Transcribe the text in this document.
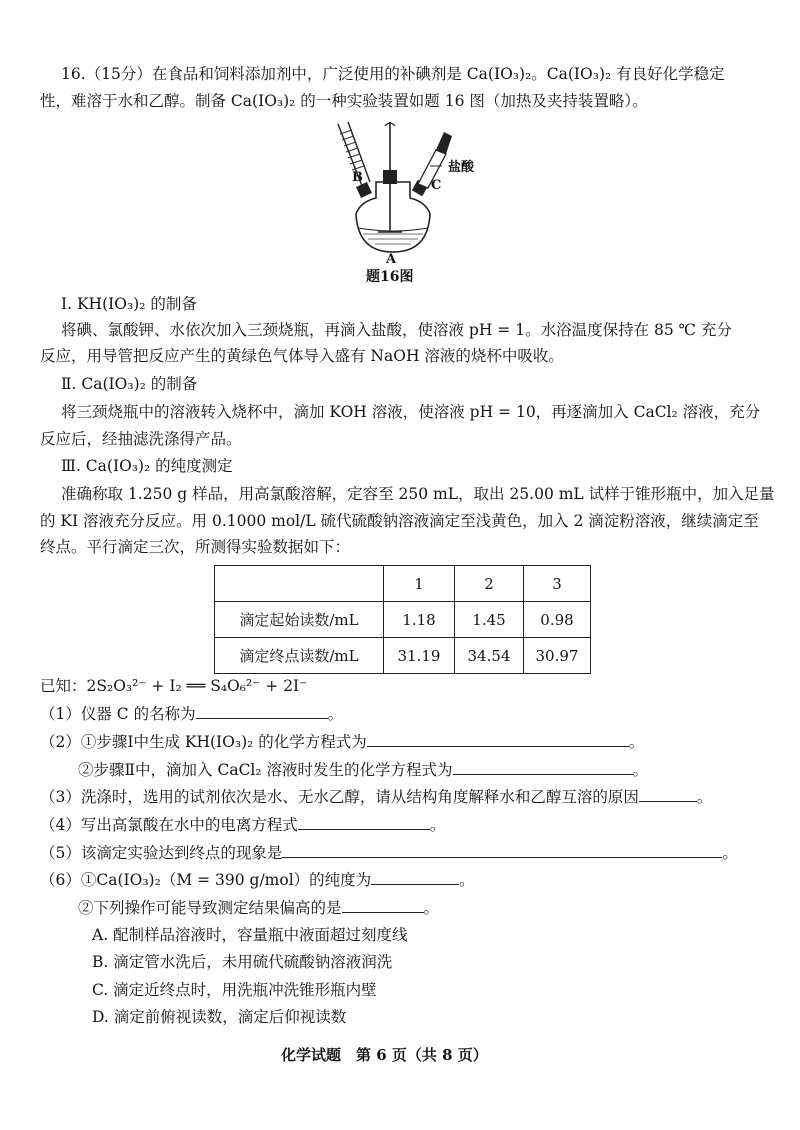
16.（15分）在食品和饲料添加剂中，广泛使用的补碘剂是 Ca(IO₃)₂。Ca(IO₃)₂ 有良好化学稳定
性，难溶于水和乙醇。制备 Ca(IO₃)₂ 的一种实验装置如题 16 图（加热及夹持装置略）。
B
C
盐酸
A
题16图
Ⅰ. KH(IO₃)₂ 的制备
将碘、氯酸钾、水依次加入三颈烧瓶，再滴入盐酸，使溶液 pH = 1。水浴温度保持在 85 ℃ 充分
反应，用导管把反应产生的黄绿色气体导入盛有 NaOH 溶液的烧杯中吸收。
Ⅱ. Ca(IO₃)₂ 的制备
将三颈烧瓶中的溶液转入烧杯中，滴加 KOH 溶液，使溶液 pH = 10，再逐滴加入 CaCl₂ 溶液，充分
反应后，经抽滤洗涤得产品。
Ⅲ. Ca(IO₃)₂ 的纯度测定
准确称取 1.250 g 样品，用高氯酸溶解，定容至 250 mL，取出 25.00 mL 试样于锥形瓶中，加入足量
的 KI 溶液充分反应。用 0.1000 mol/L 硫代硫酸钠溶液滴定至浅黄色，加入 2 滴淀粉溶液，继续滴定至
终点。平行滴定三次，所测得实验数据如下：
	1	2	3
滴定起始读数/mL	1.18	1.45	0.98
滴定终点读数/mL	31.19	34.54	30.97
已知：2S₂O₃²⁻ + I₂ ══ S₄O₆²⁻ + 2I⁻
（1）仪器 C 的名称为	。
（2）①步骤Ⅰ中生成 KH(IO₃)₂ 的化学方程式为	。
②步骤Ⅱ中，滴加入 CaCl₂ 溶液时发生的化学方程式为	。
（3）洗涤时，选用的试剂依次是水、无水乙醇，请从结构角度解释水和乙醇互溶的原因	。
（4）写出高氯酸在水中的电离方程式	。
（5）该滴定实验达到终点的现象是	。
（6）①Ca(IO₃)₂（M = 390 g/mol）的纯度为	。
②下列操作可能导致测定结果偏高的是	。
A. 配制样品溶液时，容量瓶中液面超过刻度线
B. 滴定管水洗后，未用硫代硫酸钠溶液润洗
C. 滴定近终点时，用洗瓶冲洗锥形瓶内壁
D. 滴定前俯视读数，滴定后仰视读数
化学试题　第 6 页（共 8 页）
